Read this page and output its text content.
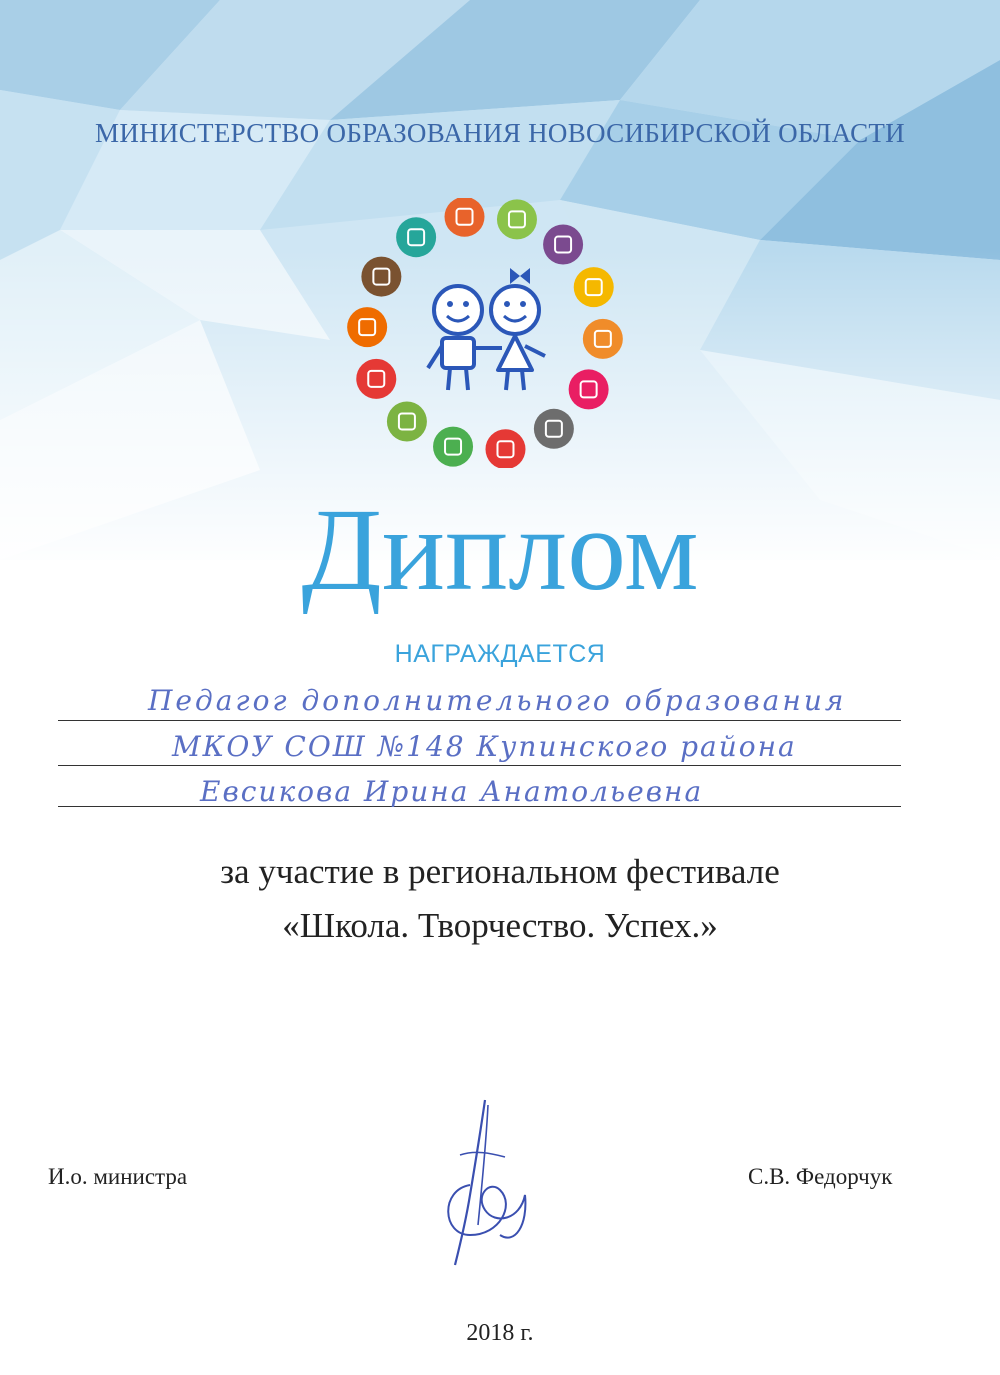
МИНИСТЕРСТВО ОБРАЗОВАНИЯ НОВОСИБИРСКОЙ ОБЛАСТИ
Диплом
НАГРАЖДАЕТСЯ
Педагог дополнительного образования
МКОУ СОШ №148 Купинского района
Евсикова Ирина Анатольевна
за участие в региональном фестивале
«Школа. Творчество. Успех.»
И.о. министра	С.В. Федорчук
2018 г.
